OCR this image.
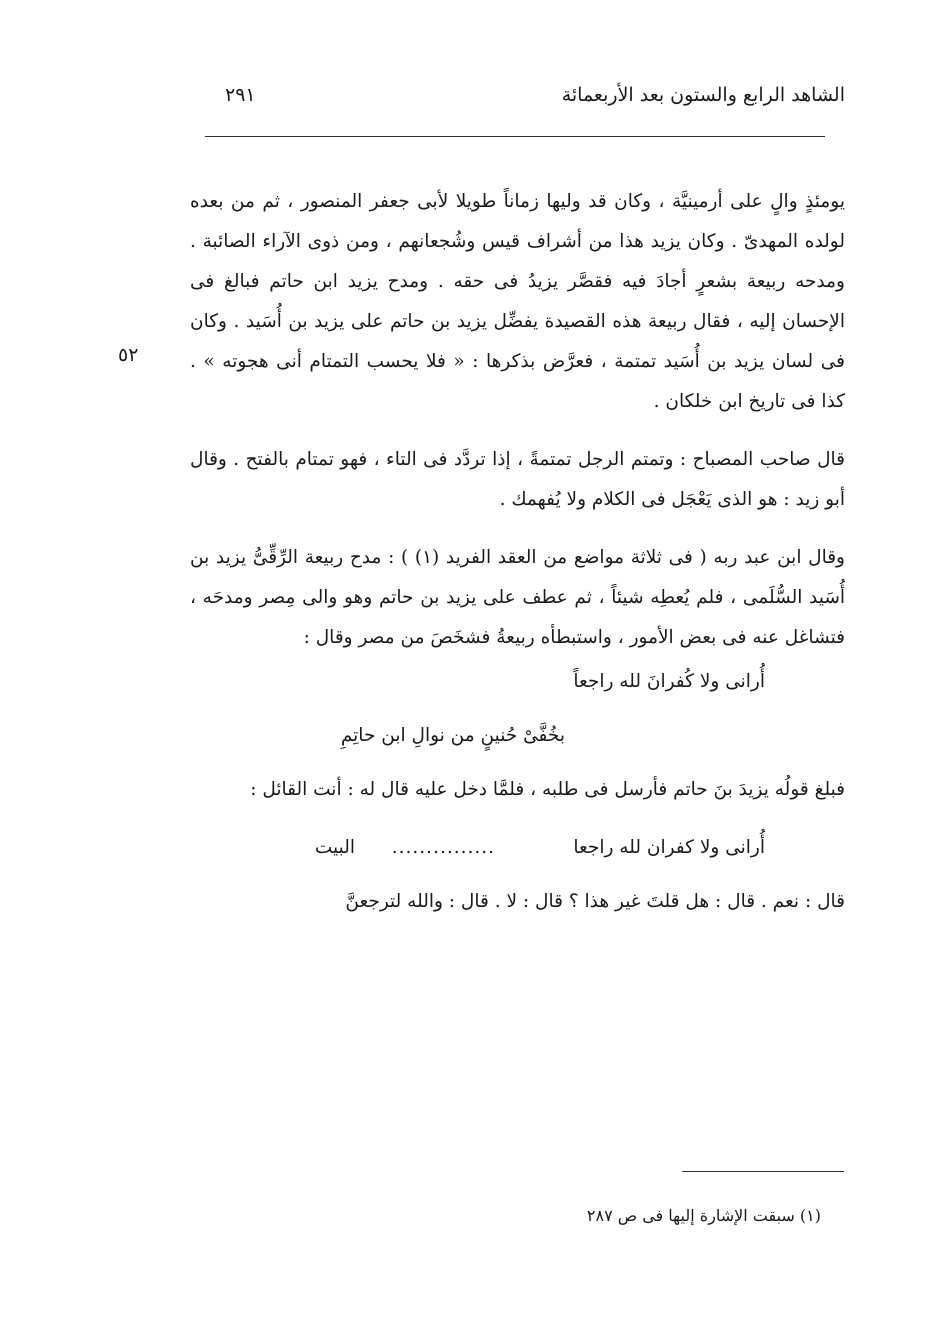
الشاهد الرابع والستون بعد الأربعمائة
٢٩١
٥٢

يومئذٍ والٍ على أرمينيَّة ، وكان قد وليها زماناً طويلا لأبى جعفر المنصور ، ثم من بعده لولده المهدىّ . وكان يزيد هذا من أشراف قيس وشُجعانهم ، ومن ذوى الآراء الصائبة . ومدحه ربيعة بشعرٍ أجادَ فيه فقصَّر يزيدُ فى حقه . ومدح يزيد ابن حاتم فبالغ فى الإحسان إليه ، فقال ربيعة هذه القصيدة يفضِّل يزيد بن حاتم على يزيد بن أُسَيد . وكان فى لسان يزيد بن أُسَيد تمتمة ، فعرَّض بذكرها : « فلا يحسب التمتام أنى هجوته » . كذا فى تاريخ ابن خلكان .

قال صاحب المصباح : وتمتم الرجل تمتمةً ، إذا تردَّد فى التاء ، فهو تمتام بالفتح . وقال أبو زيد : هو الذى يَعْجَل فى الكلام ولا يُفهمك .

وقال ابن عبد ربه ( فى ثلاثة مواضع من العقد الفريد (١) ) : مدح ربيعة الرِّقِّىُّ يزيد بن أُسَيد السُّلَمى ، فلم يُعطِه شيئاً ، ثم عطف على يزيد بن حاتم وهو والى مِصر ومدحَه ، فتشاغل عنه فى بعض الأمور ، واستبطأه ربيعةُ فشخَصَ من مصر وقال :

أُرانى ولا كُفرانَ لله راجعاً

بخُفَّىْ حُنينٍ من نوالِ ابن حاتِمِ

فبلغ قولُه يزيدَ بنَ حاتم فأرسل فى طلبه ، فلمَّا دخل عليه قال له : أنت القائل :

أُرانى ولا كفران لله راجعا
...............
البيت

قال : نعم . قال : هل قلتَ غير هذا ؟ قال : لا . قال : والله لترجعنَّ

(١) سبقت الإشارة إليها فى ص ٢٨٧
